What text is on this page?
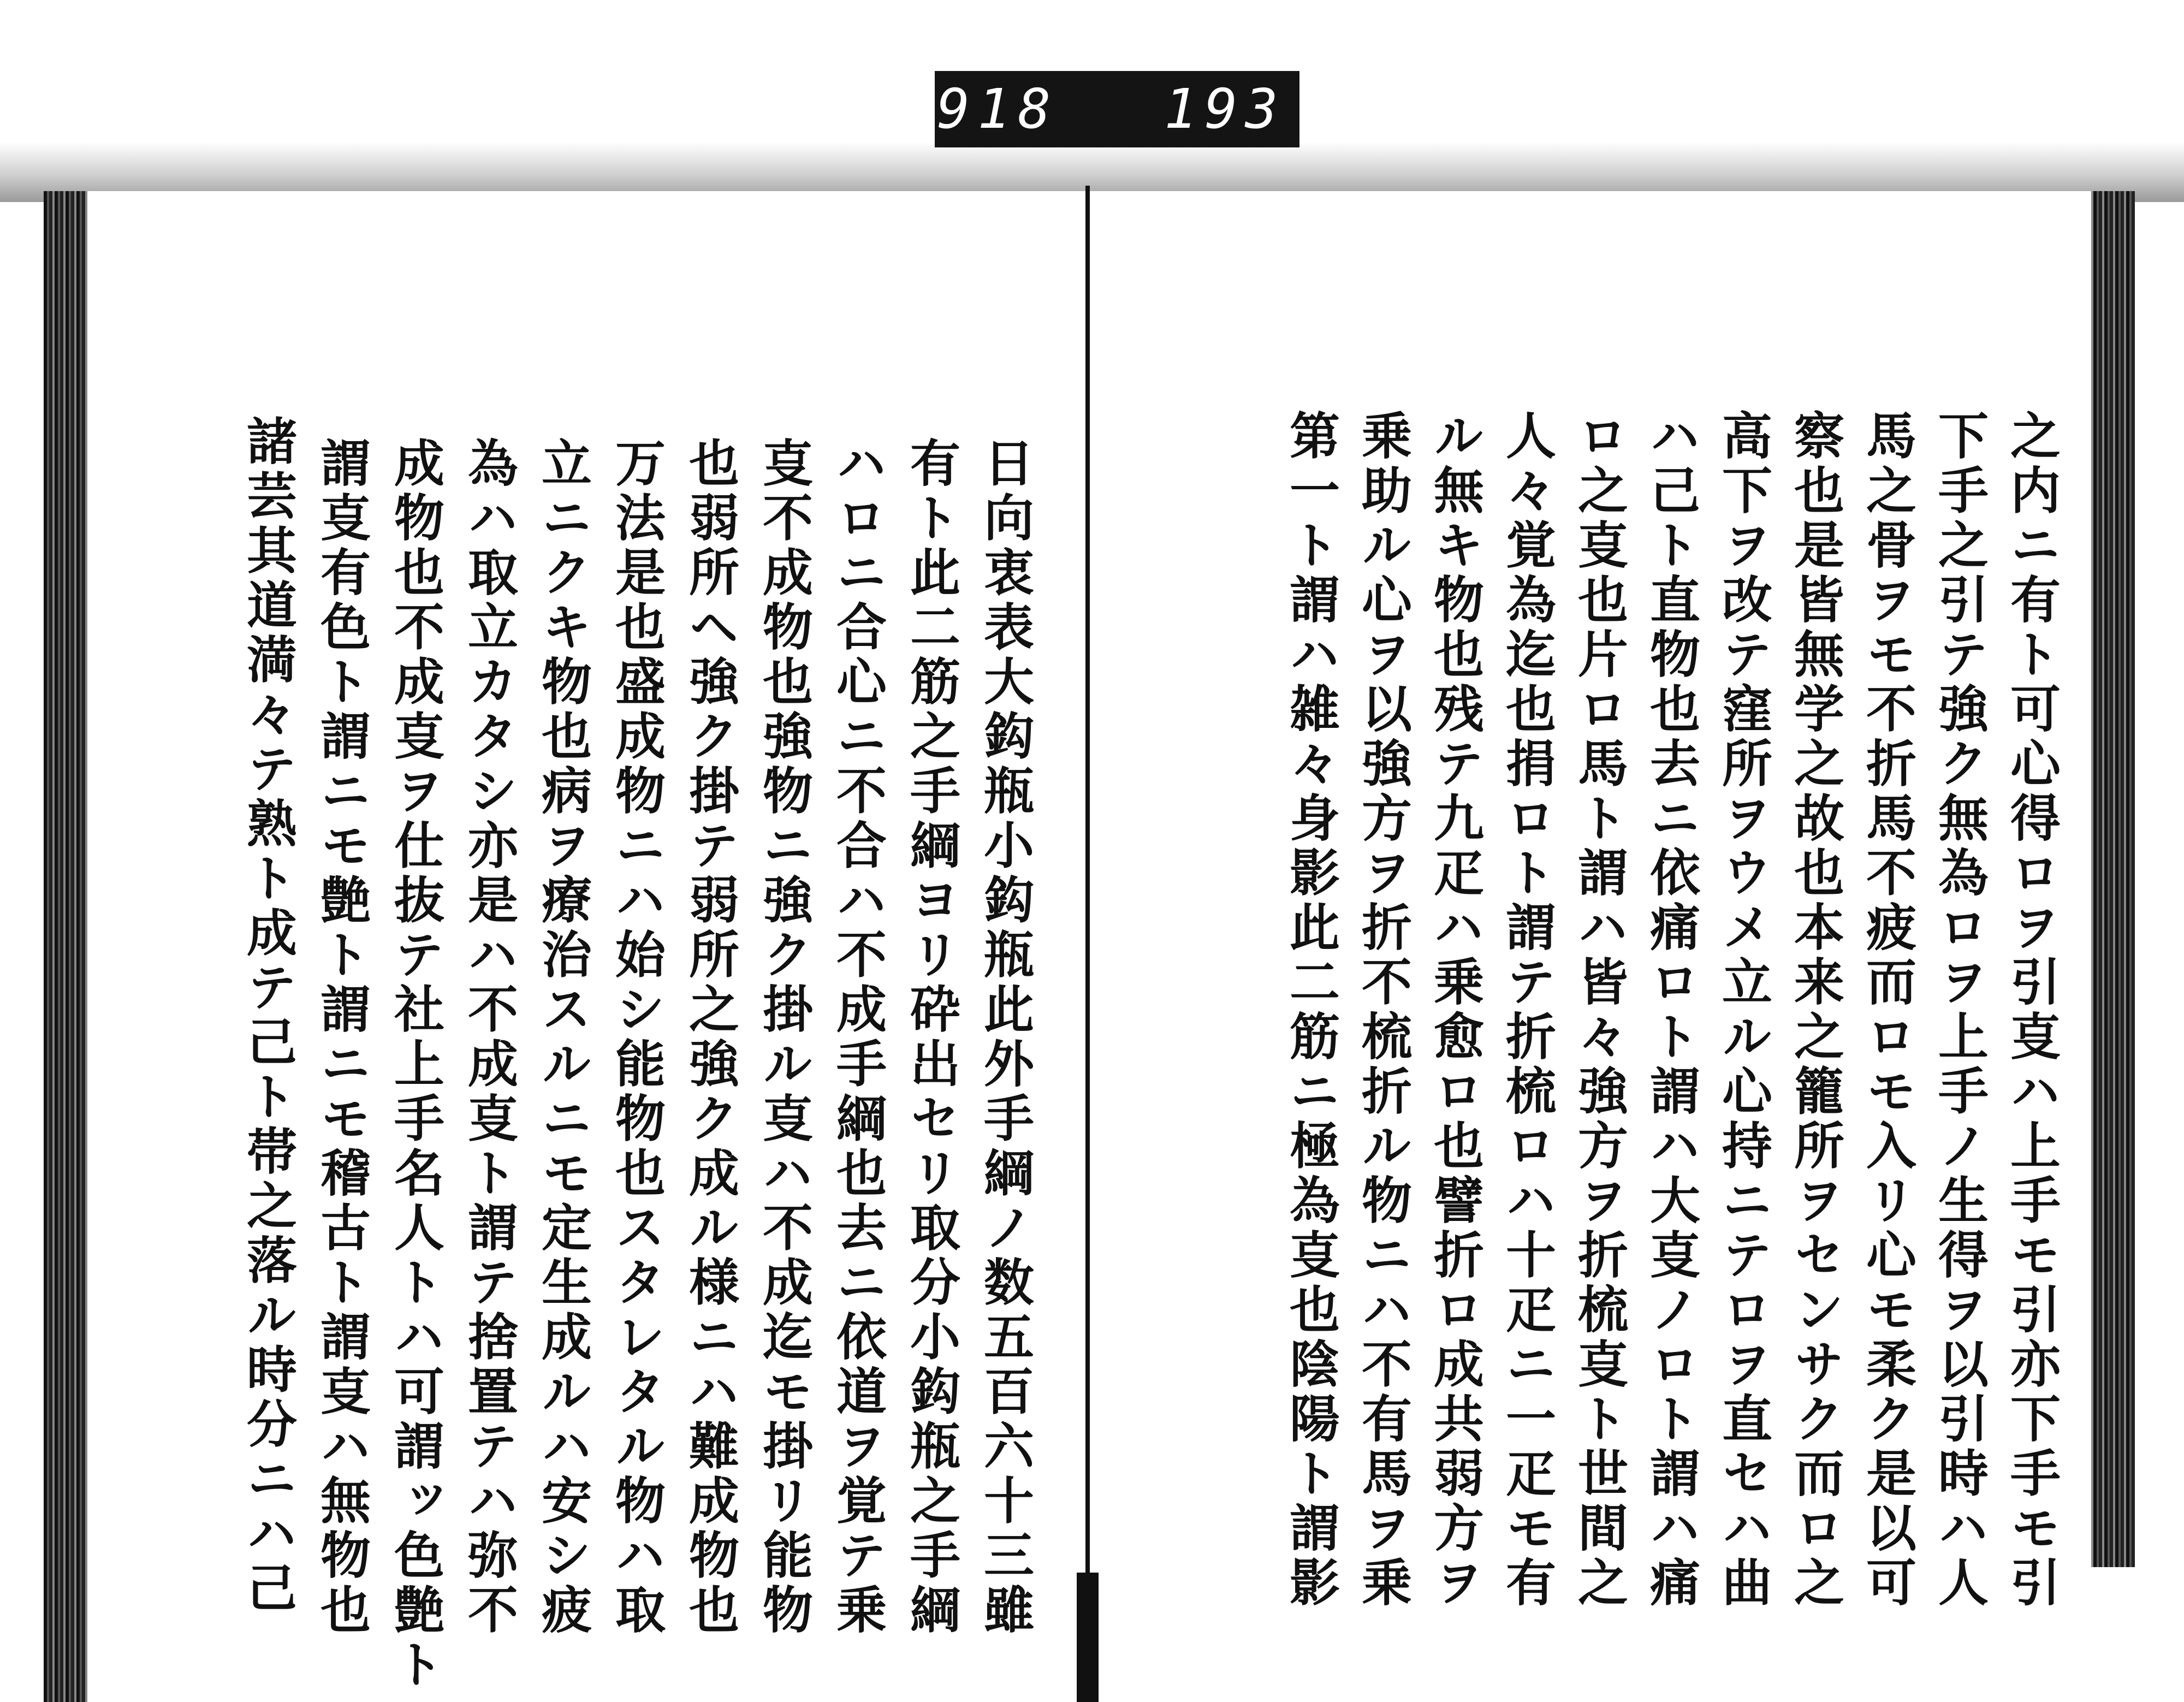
918 193
日向衷表大鈎瓶小鈎瓶此外手綱ノ数五百六十三雖
有ト此二筋之手綱ヨリ砕出セリ取分小鈎瓶之手綱
ハロニ合心ニ不合ハ不成手綱也去ニ依道ヲ覚テ乗
㕝不成物也強物ニ強ク掛ル㕝ハ不成迄モ掛リ能物
也弱所ヘ強ク掛テ弱所之強ク成ル様ニハ難成物也
万法是也盛成物ニハ始シ能物也スタレタル物ハ取
立ニクキ物也病ヲ療治スルニモ定生成ルハ安シ疲
為ハ取立カタシ亦是ハ不成㕝ト謂テ捨置テハ弥不
成物也不成㕝ヲ仕抜テ社上手名人トハ可謂ッ色艶ト
謂㕝有色ト謂ニモ艶ト謂ニモ稽古ト謂㕝ハ無物也
諸芸其道満々テ熟ト成テ己ト帯之落ル時分ニハ己	之内ニ有ト可心得ロヲ引㕝ハ上手モ引亦下手モ引
下手之引テ強ク無為ロヲ上手ノ生得ヲ以引時ハ人
馬之骨ヲモ不折馬不疲而ロモ入リ心モ柔ク是以可
察也是皆無学之故也本来之籠所ヲセンサク而ロ之
高下ヲ改テ窪所ヲウメ立ル心持ニテロヲ直セハ曲
ハ己ト直物也去ニ依痛ロト謂ハ大㕝ノロト謂ハ痛
ロ之㕝也片ロ馬ト謂ハ皆々強方ヲ折梳㕝ト世間之
人々覚為迄也捐ロト謂テ折梳ロハ十疋ニ一疋モ有
ル無キ物也残テ九疋ハ乗愈ロ也譬折ロ成共弱方ヲ
乗助ル心ヲ以強方ヲ折不梳折ル物ニハ不有馬ヲ乗
第一ト謂ハ雑々身影此二筋ニ極為㕝也陰陽ト謂影
